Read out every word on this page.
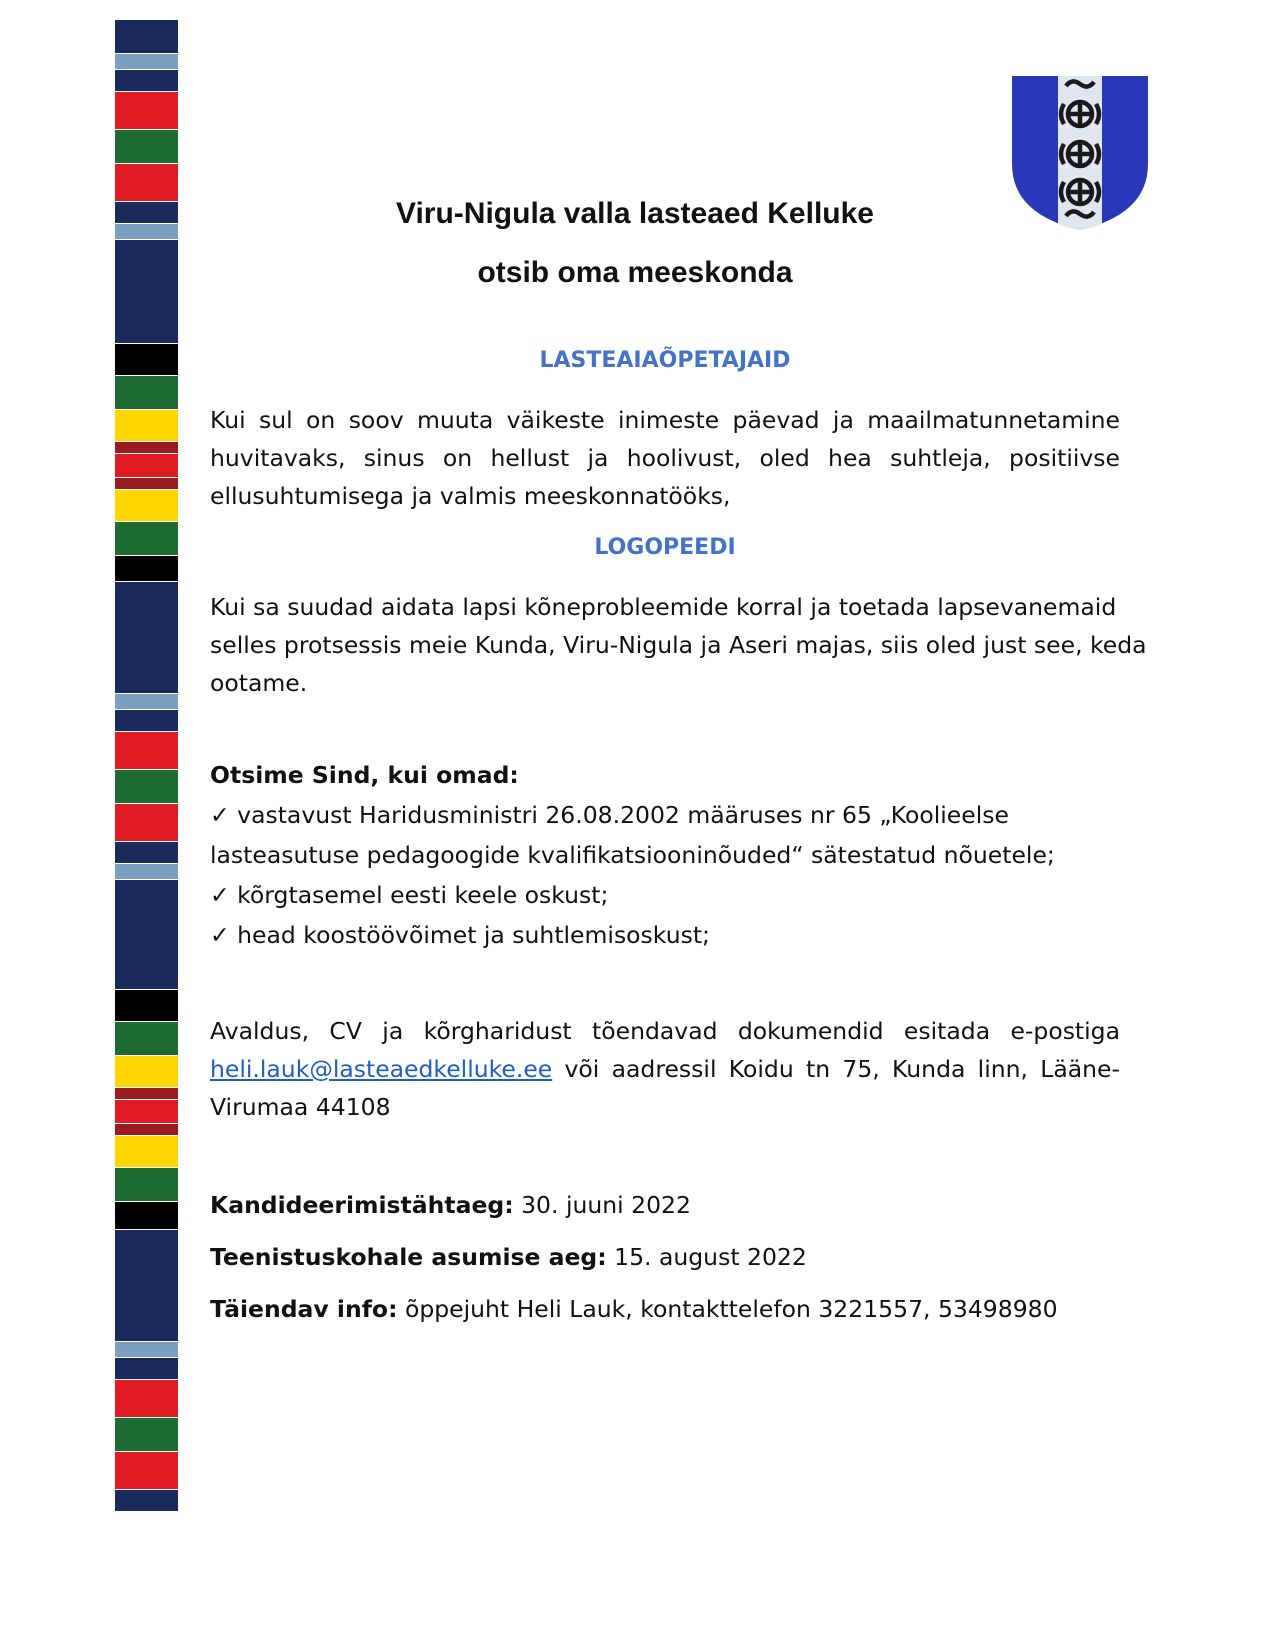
Viru-Nigula valla lasteaed Kelluke
otsib oma meeskonda
LASTEAIAÕPETAJAID
Kui sul on soov muuta väikeste inimeste päevad ja maailmatunnetamine
huvitavaks, sinus on hellust ja hoolivust, oled hea suhtleja, positiivse
ellusuhtumisega ja valmis meeskonnatööks,
LOGOPEEDI
Kui sa suudad aidata lapsi kõneprobleemide korral ja toetada lapsevanemaid
selles protsessis meie Kunda, Viru-Nigula ja Aseri majas, siis oled just see, keda
ootame.
Otsime Sind, kui omad:
✓ vastavust Haridusministri 26.08.2002 määruses nr 65 „Koolieelse
lasteasutuse pedagoogide kvalifikatsiooninõuded“ sätestatud nõuetele;
✓ kõrgtasemel eesti keele oskust;
✓ head koostöövõimet ja suhtlemisoskust;
Avaldus, CV ja kõrgharidust tõendavad dokumendid esitada e-postiga
heli.lauk@lasteaedkelluke.ee või aadressil Koidu tn 75, Kunda linn, Lääne-
Virumaa 44108
Kandideerimistähtaeg: 30. juuni 2022
Teenistuskohale asumise aeg: 15. august 2022
Täiendav info: õppejuht Heli Lauk, kontakttelefon 3221557, 53498980
